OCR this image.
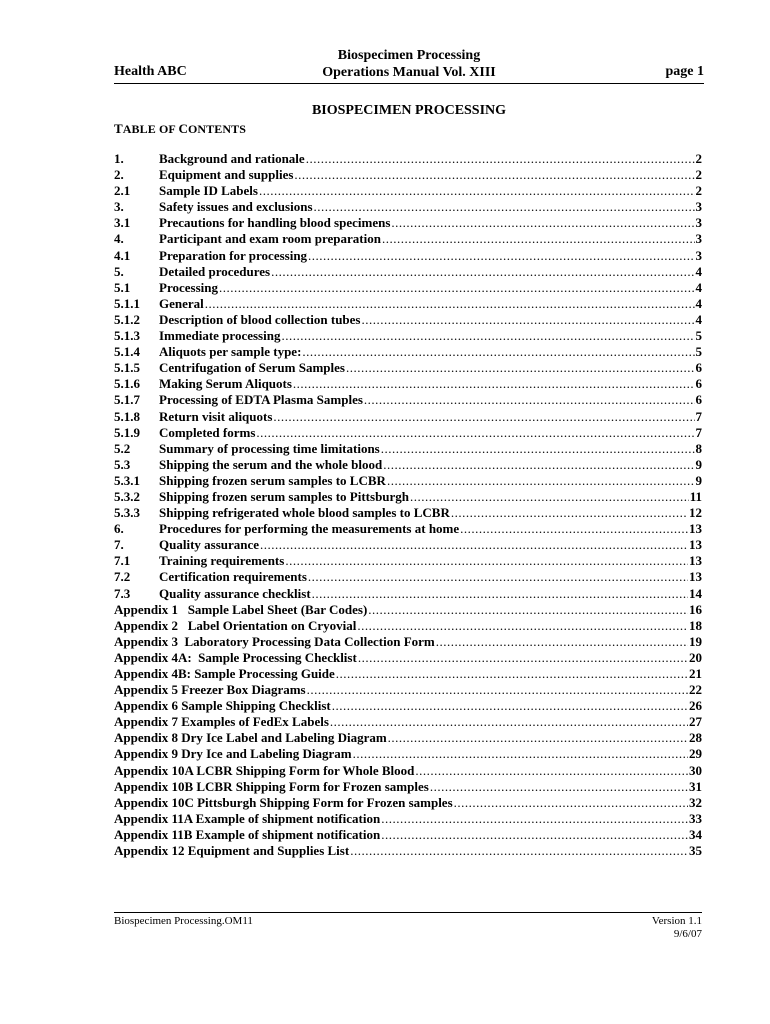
Health ABC
Biospecimen Processing
Operations Manual Vol. XIII	page 1
BIOSPECIMEN PROCESSING
TABLE OF CONTENTS
1.	Background and rationale .....	2
2.	Equipment and supplies .....	2
2.1	Sample ID Labels .....	2
3.	Safety issues and exclusions .....	3
3.1	Precautions for handling blood specimens .....	3
4.	Participant and exam room preparation .....	3
4.1	Preparation for processing .....	3
5.	Detailed procedures .....	4
5.1	Processing .....	4
5.1.1	General .....	4
5.1.2	Description of blood collection tubes .....	4
5.1.3	Immediate processing .....	5
5.1.4	Aliquots per sample type: .....	5
5.1.5	Centrifugation of Serum Samples .....	6
5.1.6	Making Serum Aliquots .....	6
5.1.7	Processing of EDTA Plasma Samples .....	6
5.1.8	Return visit aliquots .....	7
5.1.9	Completed forms .....	7
5.2	Summary of processing time limitations .....	8
5.3	Shipping the serum and the whole blood .....	9
5.3.1	Shipping frozen serum samples to LCBR .....	9
5.3.2	Shipping frozen serum samples to Pittsburgh .....	11
5.3.3	Shipping refrigerated whole blood samples to LCBR .....	12
6.	Procedures for performing the measurements at home .....	13
7.	Quality assurance .....	13
7.1	Training requirements .....	13
7.2	Certification requirements .....	13
7.3	Quality assurance checklist .....	14
Appendix 1   Sample Label Sheet (Bar Codes) .....	16
Appendix 2   Label Orientation on Cryovial .....	18
Appendix 3  Laboratory Processing Data Collection Form .....	19
Appendix 4A:  Sample Processing Checklist .....	20
Appendix 4B: Sample Processing Guide .....	21
Appendix 5 Freezer Box Diagrams .....	22
Appendix 6 Sample Shipping Checklist .....	26
Appendix 7 Examples of FedEx Labels .....	27
Appendix 8 Dry Ice Label and Labeling Diagram .....	28
Appendix 9 Dry Ice and Labeling Diagram .....	29
Appendix 10A LCBR Shipping Form for Whole Blood .....	30
Appendix 10B LCBR Shipping Form for Frozen samples .....	31
Appendix 10C Pittsburgh Shipping Form for Frozen samples .....	32
Appendix 11A Example of shipment notification .....	33
Appendix 11B Example of shipment notification .....	34
Appendix 12 Equipment and Supplies List .....	35
Biospecimen Processing.OM11	Version 1.1
9/6/07
